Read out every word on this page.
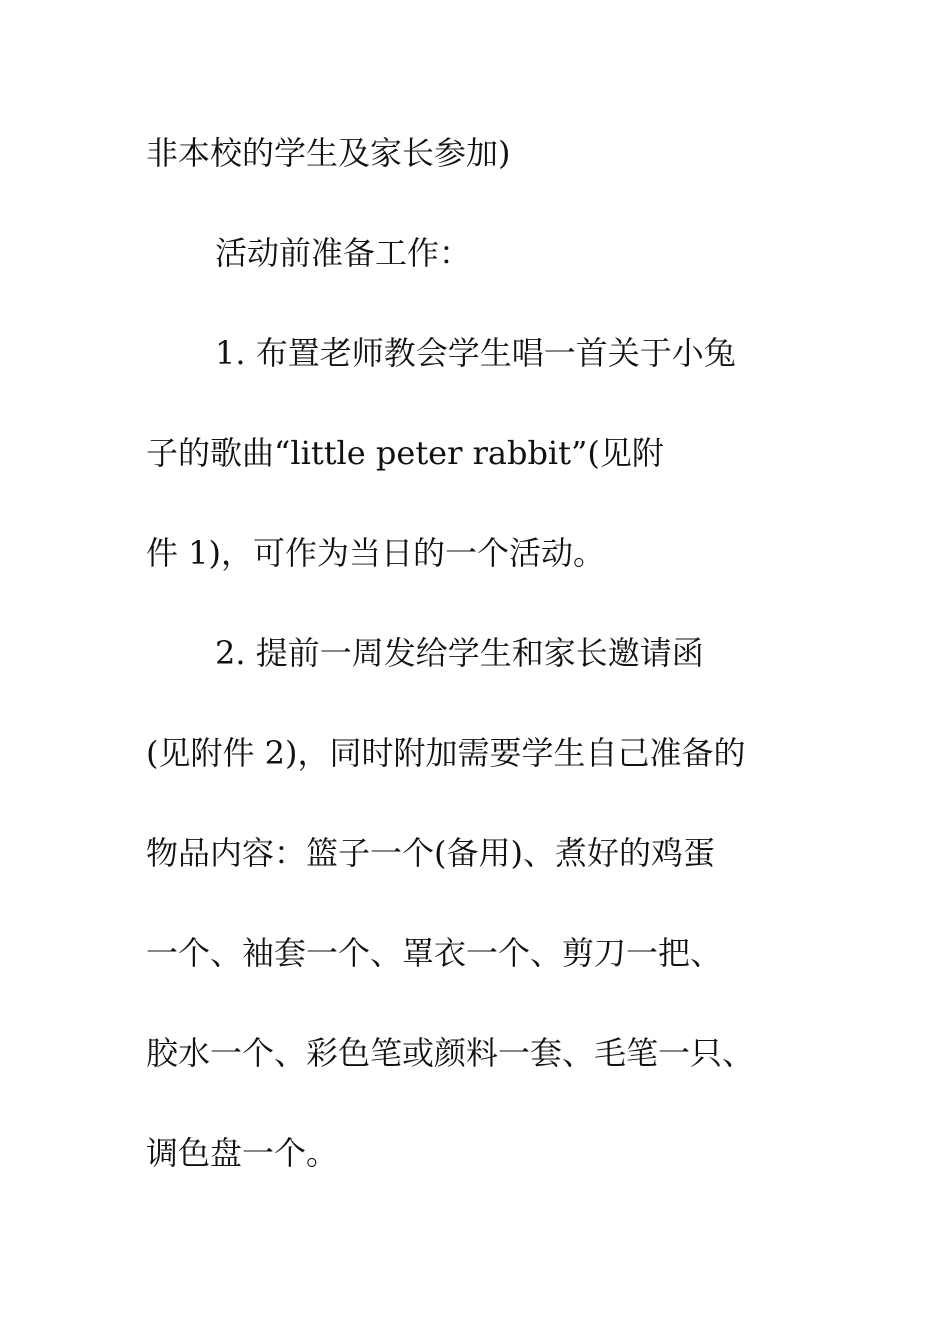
非本校的学生及家长参加)
活动前准备工作：
1. 布置老师教会学生唱一首关于小兔
子的歌曲“little peter rabbit”(见附
件 1)，可作为当日的一个活动。
2. 提前一周发给学生和家长邀请函
(见附件 2)，同时附加需要学生自己准备的
物品内容：篮子一个(备用)、煮好的鸡蛋
一个、袖套一个、罩衣一个、剪刀一把、
胶水一个、彩色笔或颜料一套、毛笔一只、
调色盘一个。
